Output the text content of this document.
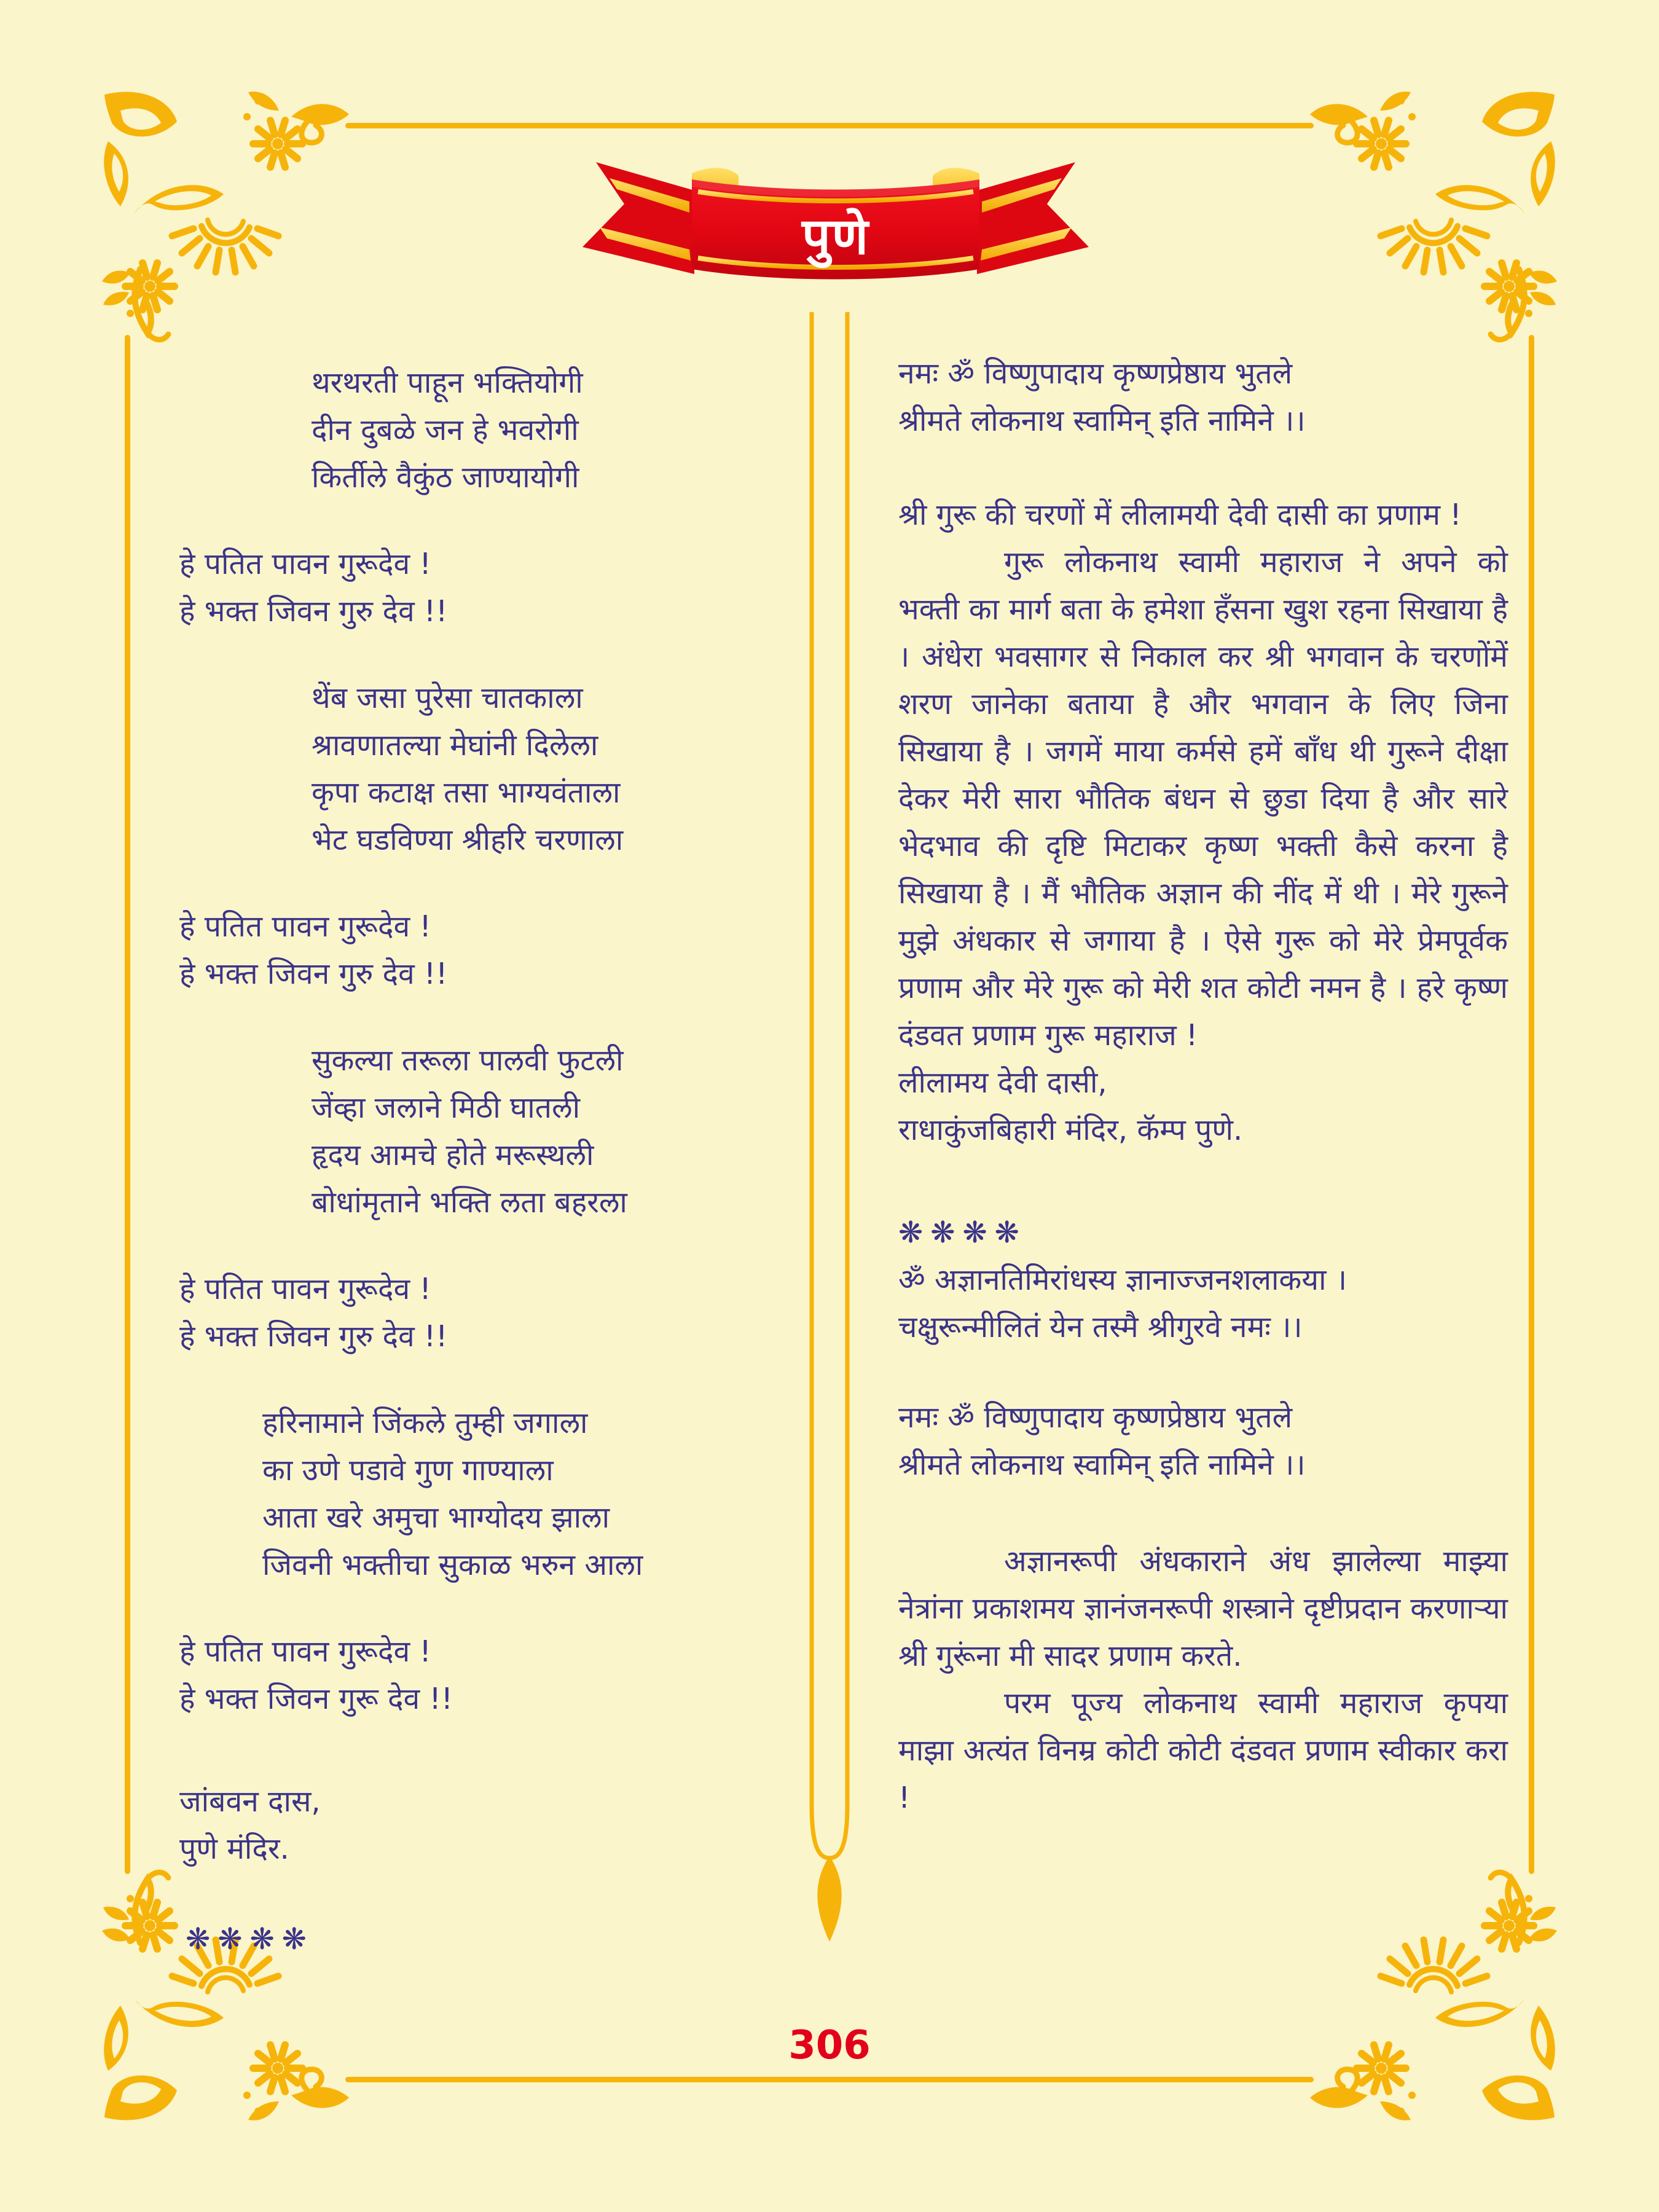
पुणे

थरथरती पाहून भक्तियोगी

दीन दुबळे जन हे भवरोगी

किर्तीले वैकुंठ जाण्यायोगी

हे पतित पावन गुरूदेव !

हे भक्त जिवन गुरु देव !!

थेंब जसा पुरेसा चातकाला

श्रावणातल्या मेघांनी दिलेला

कृपा कटाक्ष तसा भाग्यवंताला

भेट घडविण्या श्रीहरि चरणाला

हे पतित पावन गुरूदेव !

हे भक्त जिवन गुरु देव !!

सुकल्या तरूला पालवी फुटली

जेंव्हा जलाने मिठी घातली

हृदय आमचे होते मरूस्थली

बोधांमृताने भक्ति लता बहरला

हे पतित पावन गुरूदेव !

हे भक्त जिवन गुरु देव !!

हरिनामाने जिंकले तुम्ही जगाला

का उणे पडावे गुण गाण्याला

आता खरे अमुचा भाग्योदय झाला

जिवनी भक्तीचा सुकाळ भरुन आला

हे पतित पावन गुरूदेव !

हे भक्त जिवन गुरू देव !!

जांबवन दास,

पुणे मंदिर.

❋❋❋❋

नमः ॐ विष्णुपादाय कृष्णप्रेष्ठाय भुतले

श्रीमते लोकनाथ स्वामिन् इति नामिने ।।

श्री गुरू की चरणों में लीलामयी देवी दासी का प्रणाम !

गुरू लोकनाथ स्वामी महाराज ने अपने को भक्ती का मार्ग बता के हमेशा हँसना खुश रहना सिखाया है । अंधेरा भवसागर से निकाल कर श्री भगवान के चरणोंमें शरण जानेका बताया है और भगवान के लिए जिना सिखाया है । जगमें माया कर्मसे हमें बाँध थी गुरूने दीक्षा देकर मेरी सारा भौतिक बंधन से छुडा दिया है और सारे भेदभाव की दृष्टि मिटाकर कृष्ण भक्ती कैसे करना है सिखाया है । मैं भौतिक अज्ञान की नींद में थी । मेरे गुरूने मुझे अंधकार से जगाया है । ऐसे गुरू को मेरे प्रेमपूर्वक प्रणाम और मेरे गुरू को मेरी शत कोटी नमन है । हरे कृष्ण दंडवत प्रणाम गुरू महाराज !

लीलामय देवी दासी,

राधाकुंजबिहारी मंदिर, कॅम्प पुणे.

❋❋❋❋

ॐ अज्ञानतिमिरांधस्य ज्ञानाज्जनशलाकया ।

चक्षुरून्मीलितं येन तस्मै श्रीगुरवे नमः ।।

नमः ॐ विष्णुपादाय कृष्णप्रेष्ठाय भुतले

श्रीमते लोकनाथ स्वामिन् इति नामिने ।।

अज्ञानरूपी अंधकाराने अंध झालेल्या माझ्या नेत्रांना प्रकाशमय ज्ञानंजनरूपी शस्त्राने दृष्टीप्रदान करणाऱ्या श्री गुरूंना मी सादर प्रणाम करते.

परम पूज्य लोकनाथ स्वामी महाराज कृपया माझा अत्यंत विनम्र कोटी कोटी दंडवत प्रणाम स्वीकार करा !

306
